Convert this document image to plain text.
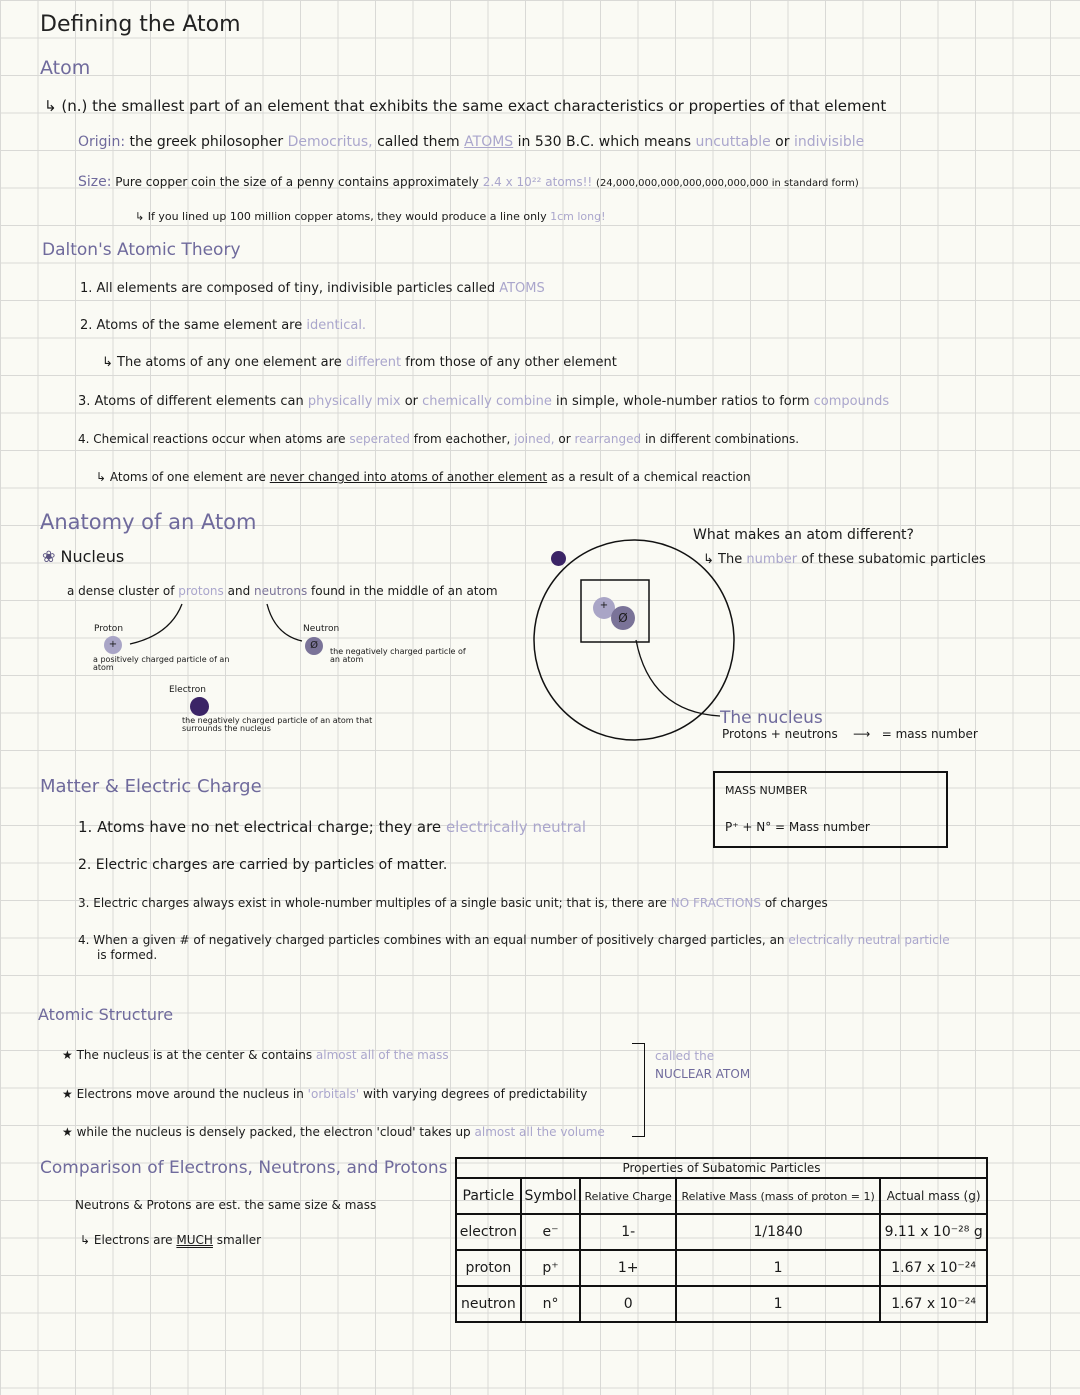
Defining the Atom
Atom
↳ (n.) the smallest part of an element that exhibits the same exact characteristics or properties of that element
Origin: the greek philosopher Democritus, called them ATOMS in 530 B.C. which means uncuttable or indivisible
Size: Pure copper coin the size of a penny contains approximately 2.4 x 10²² atoms!! (24,000,000,000,000,000,000,000 in standard form)
↳ If you lined up 100 million copper atoms, they would produce a line only 1cm long!
Dalton's Atomic Theory
1. All elements are composed of tiny, indivisible particles called ATOMS
2. Atoms of the same element are identical.
↳ The atoms of any one element are different from those of any other element
3. Atoms of different elements can physically mix or chemically combine in simple, whole-number ratios to form compounds
4. Chemical reactions occur when atoms are seperated from eachother, joined, or rearranged in different combinations.
↳ Atoms of one element are never changed into atoms of another element as a result of a chemical reaction
Anatomy of an Atom
❀ Nucleus
a dense cluster of protons and neutrons found in the middle of an atom
Proton
+
a positively charged particle of an atom
Neutron
Ø
the negatively charged particle of an atom
Electron
-
the negatively charged particle of an atom that surrounds the nucleus
+
Ø
What makes an atom different?
↳ The number of these subatomic particles
The nucleus
Protons + neutrons ⟶ = mass number
MASS NUMBER
P⁺ + N° = Mass number
Matter & Electric Charge
1. Atoms have no net electrical charge; they are electrically neutral
2. Electric charges are carried by particles of matter.
3. Electric charges always exist in whole-number multiples of a single basic unit; that is, there are NO FRACTIONS of charges
4. When a given # of negatively charged particles combines with an equal number of positively charged particles, an electrically neutral particle
is formed.
Atomic Structure
★ The nucleus is at the center & contains almost all of the mass
★ Electrons move around the nucleus in 'orbitals' with varying degrees of predictability
★ while the nucleus is densely packed, the electron 'cloud' takes up almost all the volume
called the
NUCLEAR ATOM
Comparison of Electrons, Neutrons, and Protons
Neutrons & Protons are est. the same size & mass
↳ Electrons are MUCH smaller
Properties of Subatomic Particles				
Particle	Symbol	Relative Charge	Relative Mass (mass of proton = 1)	Actual mass (g)
electron	e⁻	1-	1/1840	9.11 x 10⁻²⁸ g
proton	p⁺	1+	1	1.67 x 10⁻²⁴
neutron	n°	0	1	1.67 x 10⁻²⁴
